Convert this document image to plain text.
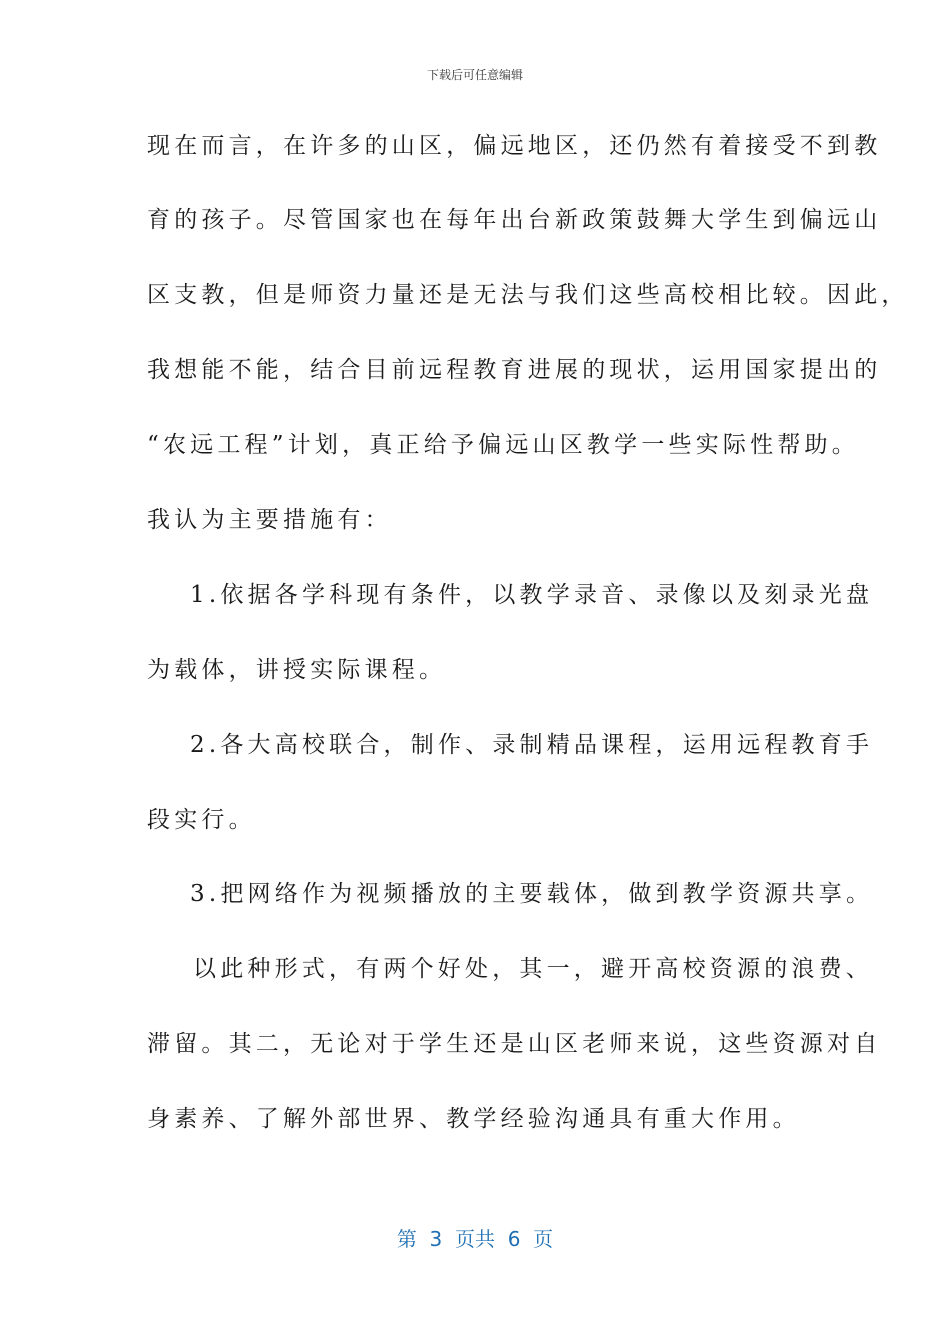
下载后可任意编辑
现在而言，在许多的山区，偏远地区，还仍然有着接受不到教
育的孩子。尽管国家也在每年出台新政策鼓舞大学生到偏远山
区支教，但是师资力量还是无法与我们这些高校相比较。因此，
我想能不能，结合目前远程教育进展的现状，运用国家提出的
“农远工程”计划，真正给予偏远山区教学一些实际性帮助。
我认为主要措施有：
1.依据各学科现有条件，以教学录音、录像以及刻录光盘
为载体，讲授实际课程。
2.各大高校联合，制作、录制精品课程，运用远程教育手
段实行。
3.把网络作为视频播放的主要载体，做到教学资源共享。
以此种形式，有两个好处，其一，避开高校资源的浪费、
滞留。其二，无论对于学生还是山区老师来说，这些资源对自
身素养、了解外部世界、教学经验沟通具有重大作用。
第  3  页共  6  页
